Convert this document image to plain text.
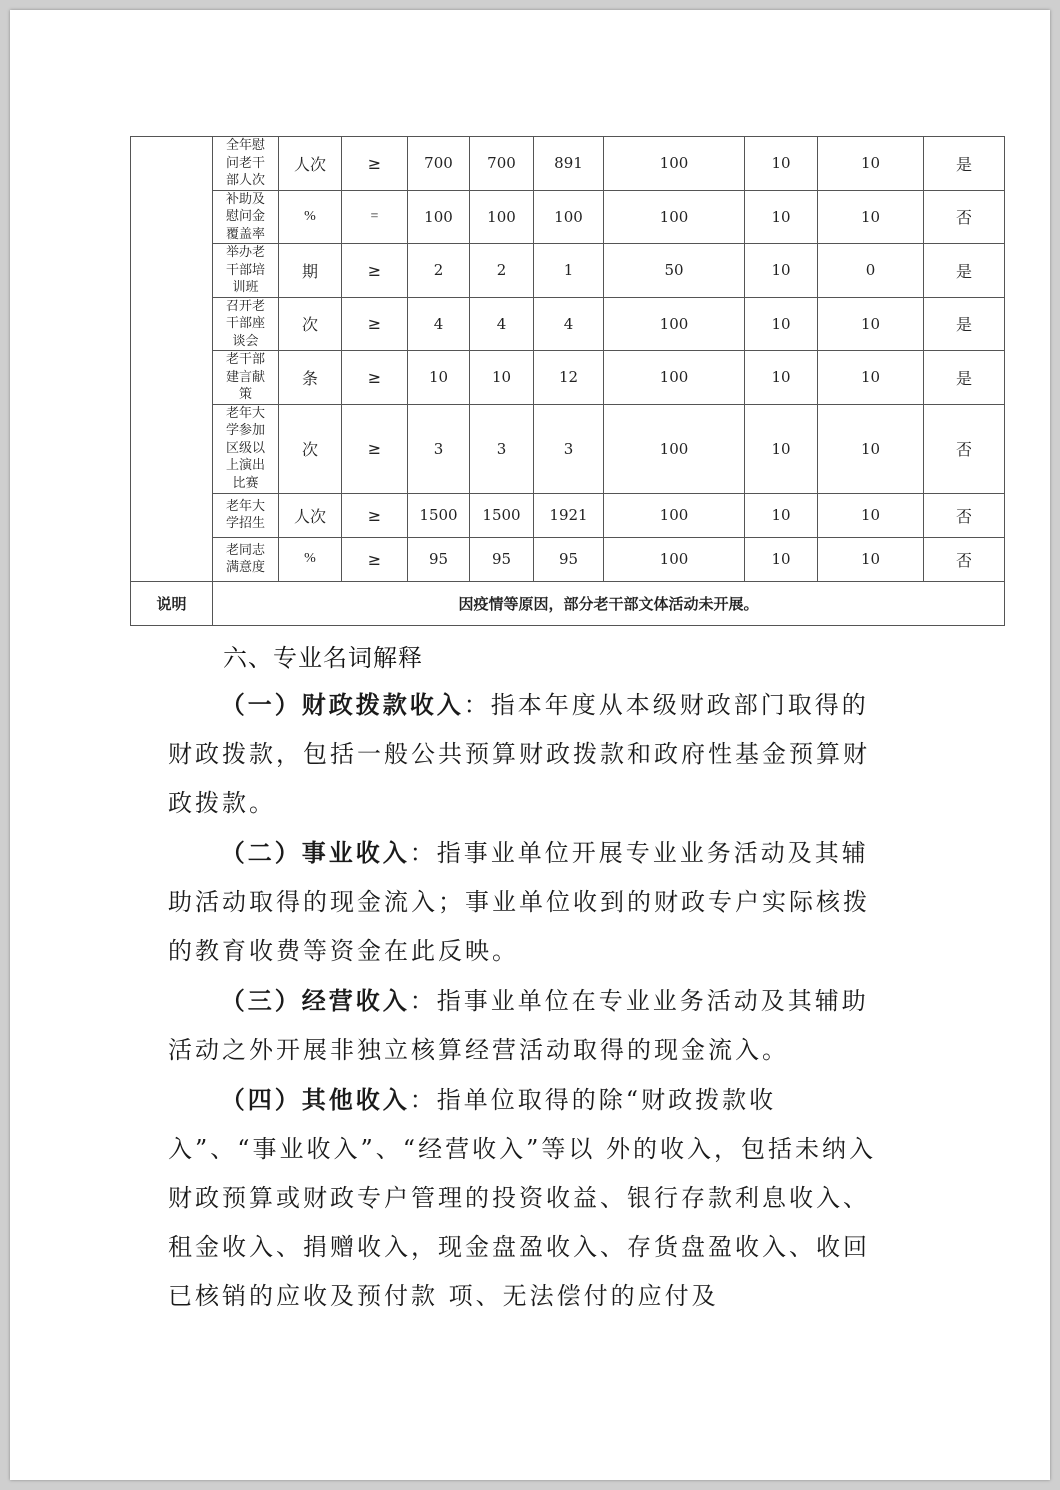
	全年慰问老干部人次	人次	≥	700	700	891	100	10	10	是
	补助及慰问金覆盖率	%	=	100	100	100	100	10	10	否
	举办老干部培训班	期	≥	2	2	1	50	10	0	是
	召开老干部座谈会	次	≥	4	4	4	100	10	10	是
	老干部建言献策	条	≥	10	10	12	100	10	10	是
	老年大学参加区级以上演出比赛	次	≥	3	3	3	100	10	10	否
	老年大学招生	人次	≥	1500	1500	1921	100	10	10	否
	老同志满意度	%	≥	95	95	95	100	10	10	否
说明	因疫情等原因，部分老干部文体活动未开展。									
六、专业名词解释

（一）财政拨款收入：指本年度从本级财政部门取得的财政拨款，包括一般公共预算财政拨款和政府性基金预算财政拨款。

（二）事业收入：指事业单位开展专业业务活动及其辅助活动取得的现金流入；事业单位收到的财政专户实际核拨的教育收费等资金在此反映。

（三）经营收入：指事业单位在专业业务活动及其辅助活动之外开展非独立核算经营活动取得的现金流入。

（四）其他收入：指单位取得的除“财政拨款收入”、“事业收入”、“经营收入”等以 外的收入，包括未纳入财政预算或财政专户管理的投资收益、银行存款利息收入、租金收入、捐赠收入，现金盘盈收入、存货盘盈收入、收回已核销的应收及预付款 项、无法偿付的应付及
